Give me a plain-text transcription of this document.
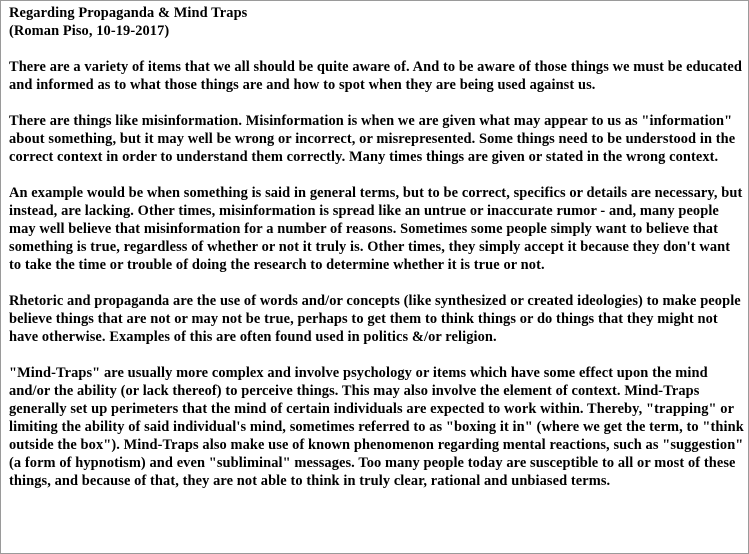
Regarding Propaganda & Mind Traps
(Roman Piso, 10-19-2017)

There are a variety of items that we all should be quite aware of. And to be aware of those things we must be educated and informed as to what those things are and how to spot when they are being used against us.

There are things like misinformation. Misinformation is when we are given what may appear to us as "information" about something, but it may well be wrong or incorrect, or misrepresented. Some things need to be understood in the correct context in order to understand them correctly. Many times things are given or stated in the wrong context.

An example would be when something is said in general terms, but to be correct, specifics or details are necessary, but instead, are lacking. Other times, misinformation is spread like an untrue or inaccurate rumor - and, many people may well believe that misinformation for a number of reasons. Sometimes some people simply want to believe that something is true, regardless of whether or not it truly is. Other times, they simply accept it because they don't want to take the time or trouble of doing the research to determine whether it is true or not.

Rhetoric and propaganda are the use of words and/or concepts (like synthesized or created ideologies) to make people believe things that are not or may not be true, perhaps to get them to think things or do things that they might not have otherwise. Examples of this are often found used in politics &/or religion.

"Mind-Traps" are usually more complex and involve psychology or items which have some effect upon the mind and/or the ability (or lack thereof) to perceive things. This may also involve the element of context. Mind-Traps generally set up perimeters that the mind of certain individuals are expected to work within. Thereby, "trapping" or limiting the ability of said individual's mind, sometimes referred to as "boxing it in" (where we get the term, to "think outside the box"). Mind-Traps also make use of known phenomenon regarding mental reactions, such as "suggestion" (a form of hypnotism) and even "subliminal" messages. Too many people today are susceptible to all or most of these things, and because of that, they are not able to think in truly clear, rational and unbiased terms.
